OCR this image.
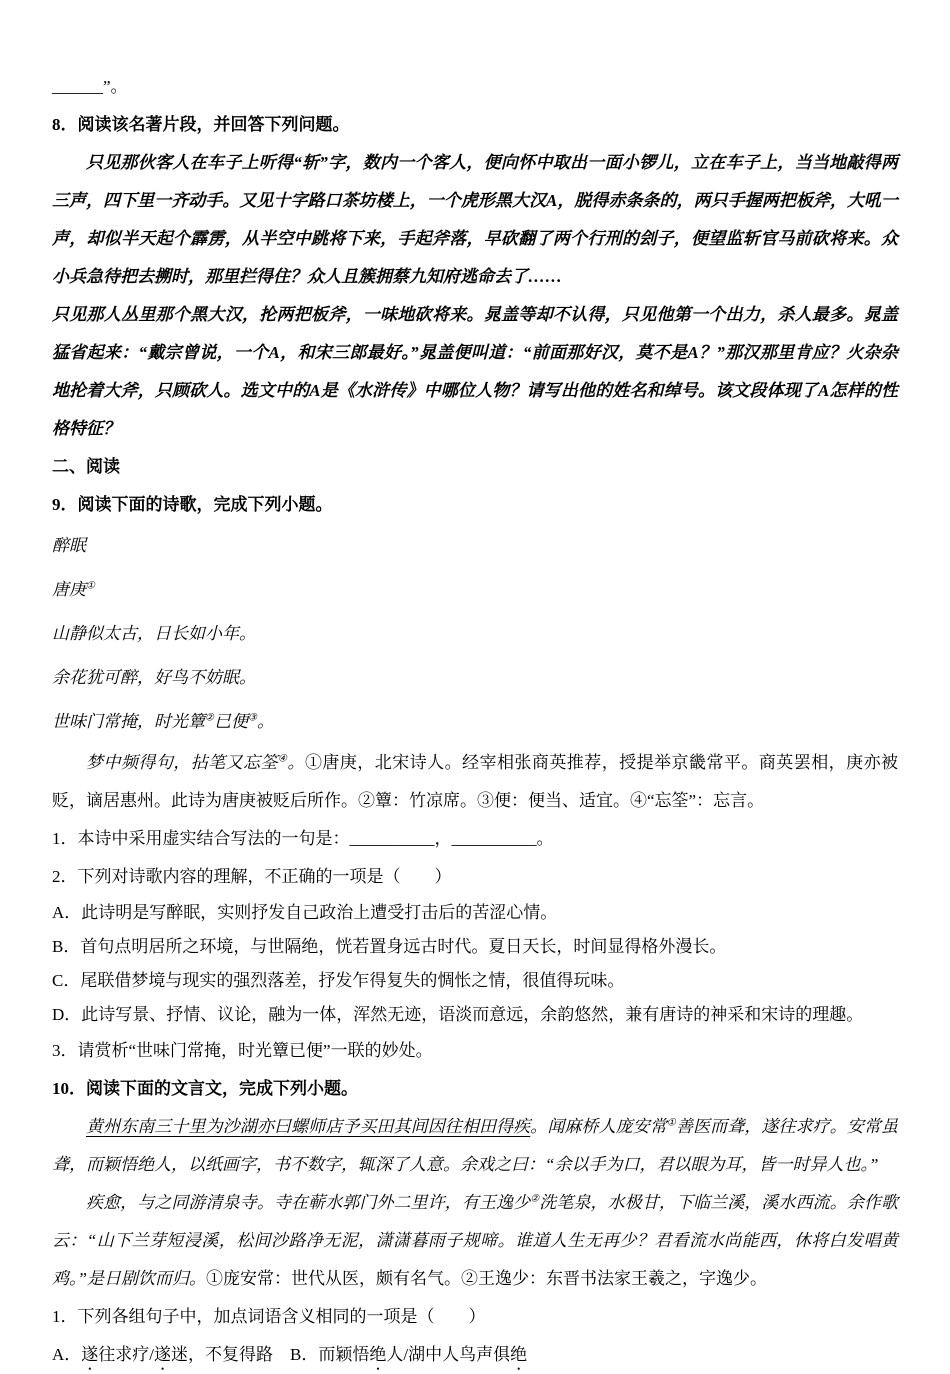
______”。

8．阅读该名著片段，并回答下列问题。

只见那伙客人在车子上听得“斩”字，数内一个客人，便向怀中取出一面小锣儿，立在车子上，当当地敲得两三声，四下里一齐动手。又见十字路口茶坊楼上，一个虎形黑大汉A，脱得赤条条的，两只手握两把板斧，大吼一声，却似半天起个霹雳，从半空中跳将下来，手起斧落，早砍翻了两个行刑的刽子，便望监斩官马前砍将来。众小兵急待把去搠时，那里拦得住？众人且簇拥蔡九知府逃命去了……

只见那人丛里那个黑大汉，抡两把板斧，一味地砍将来。晁盖等却不认得，只见他第一个出力，杀人最多。晁盖猛省起来：“戴宗曾说，一个A，和宋三郎最好。”晁盖便叫道：“前面那好汉，莫不是A？”那汉那里肯应？火杂杂地抡着大斧，只顾砍人。选文中的A是《水浒传》中哪位人物？请写出他的姓名和绰号。该文段体现了A怎样的性格特征？

二、阅读

9．阅读下面的诗歌，完成下列小题。

醉眠

唐庚①

山静似太古，日长如小年。

余花犹可醉，好鸟不妨眠。

世味门常掩，时光簟②已便③。

梦中频得句，拈笔又忘筌④。①唐庚，北宋诗人。经宰相张商英推荐，授提举京畿常平。商英罢相，庚亦被贬，谪居惠州。此诗为唐庚被贬后所作。②簟：竹凉席。③便：便当、适宜。④“忘筌”：忘言。

1．本诗中采用虚实结合写法的一句是：__________，__________。

2．下列对诗歌内容的理解，不正确的一项是（　　）

A．此诗明是写醉眠，实则抒发自己政治上遭受打击后的苦涩心情。

B．首句点明居所之环境，与世隔绝，恍若置身远古时代。夏日天长，时间显得格外漫长。

C．尾联借梦境与现实的强烈落差，抒发乍得复失的惆怅之情，很值得玩味。

D．此诗写景、抒情、议论，融为一体，浑然无迹，语淡而意远，余韵悠然，兼有唐诗的神采和宋诗的理趣。

3．请赏析“世味门常掩，时光簟已便”一联的妙处。

10．阅读下面的文言文，完成下列小题。

黄州东南三十里为沙湖亦曰螺师店予买田其间因往相田得疾。闻麻桥人庞安常①善医而聋，遂往求疗。安常虽聋，而颖悟绝人，以纸画字，书不数字，辄深了人意。余戏之曰：“余以手为口，君以眼为耳，皆一时异人也。”

疾愈，与之同游清泉寺。寺在蕲水郭门外二里许，有王逸少②洗笔泉，水极甘，下临兰溪，溪水西流。余作歌云：“山下兰芽短浸溪，松间沙路净无泥，潇潇暮雨子规啼。谁道人生无再少？君看流水尚能西，休将白发唱黄鸡。”是日剧饮而归。①庞安常：世代从医，颇有名气。②王逸少：东晋书法家王羲之，字逸少。

1．下列各组句子中，加点词语含义相同的一项是（　　）

A．遂往求疗/遂迷，不复得路　B．而颖悟绝人/湖中人鸟声俱绝
